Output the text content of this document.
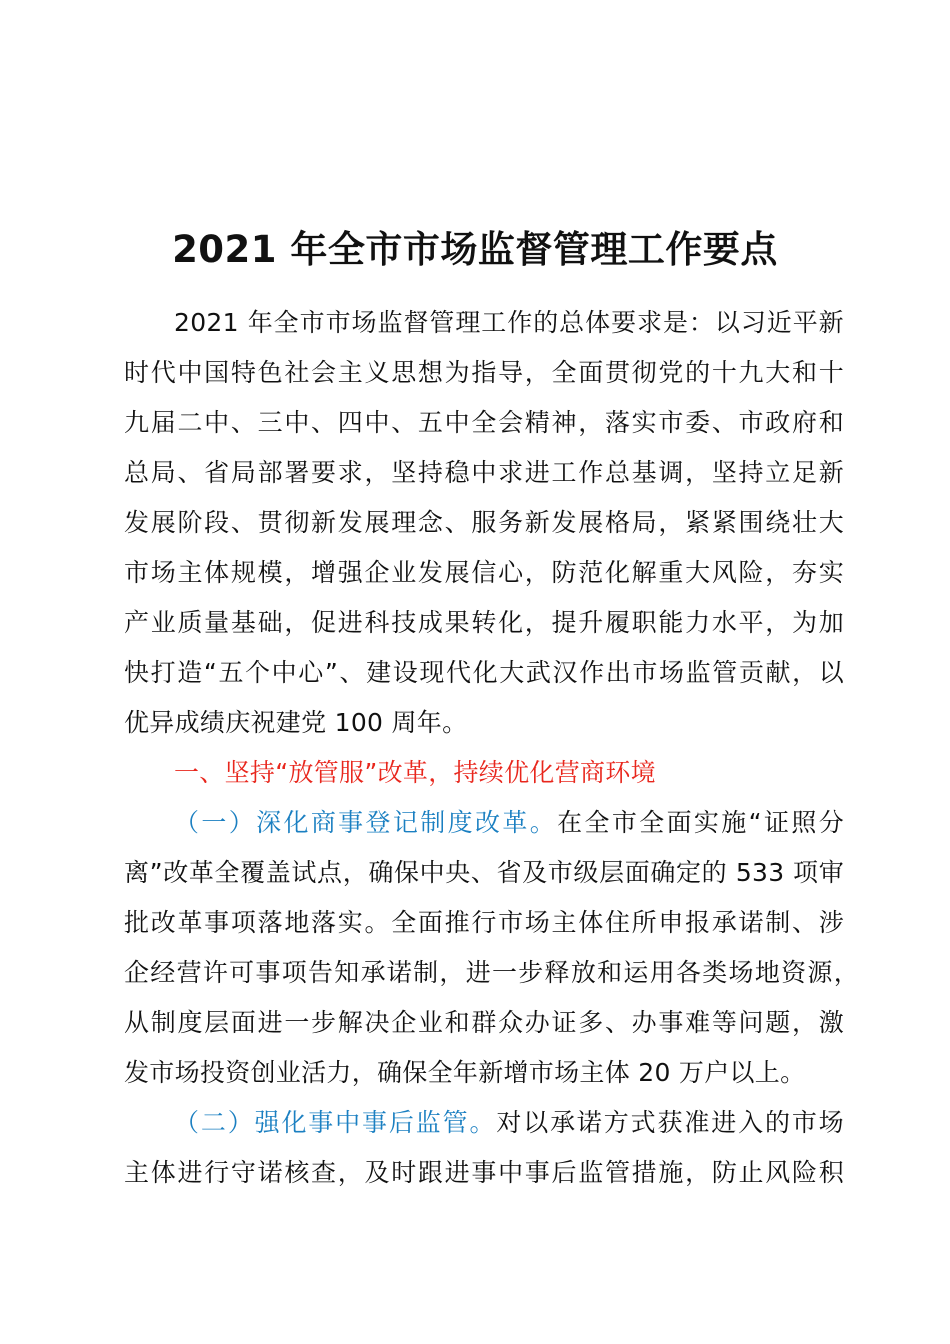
2021 年全市市场监督管理工作要点
2021 年全市市场监督管理工作的总体要求是：以习近平新
时代中国特色社会主义思想为指导，全面贯彻党的十九大和十
九届二中、三中、四中、五中全会精神，落实市委、市政府和
总局、省局部署要求，坚持稳中求进工作总基调，坚持立足新
发展阶段、贯彻新发展理念、服务新发展格局，紧紧围绕壮大
市场主体规模，增强企业发展信心，防范化解重大风险，夯实
产业质量基础，促进科技成果转化，提升履职能力水平，为加
快打造“五个中心”、建设现代化大武汉作出市场监管贡献，以
优异成绩庆祝建党 100 周年。
一、坚持“放管服”改革，持续优化营商环境
（一）深化商事登记制度改革。在全市全面实施“证照分
离”改革全覆盖试点，确保中央、省及市级层面确定的 533 项审
批改革事项落地落实。全面推行市场主体住所申报承诺制、涉
企经营许可事项告知承诺制，进一步释放和运用各类场地资源，
从制度层面进一步解决企业和群众办证多、办事难等问题，激
发市场投资创业活力，确保全年新增市场主体 20 万户以上。
（二）强化事中事后监管。对以承诺方式获准进入的市场
主体进行守诺核查，及时跟进事中事后监管措施，防止风险积
